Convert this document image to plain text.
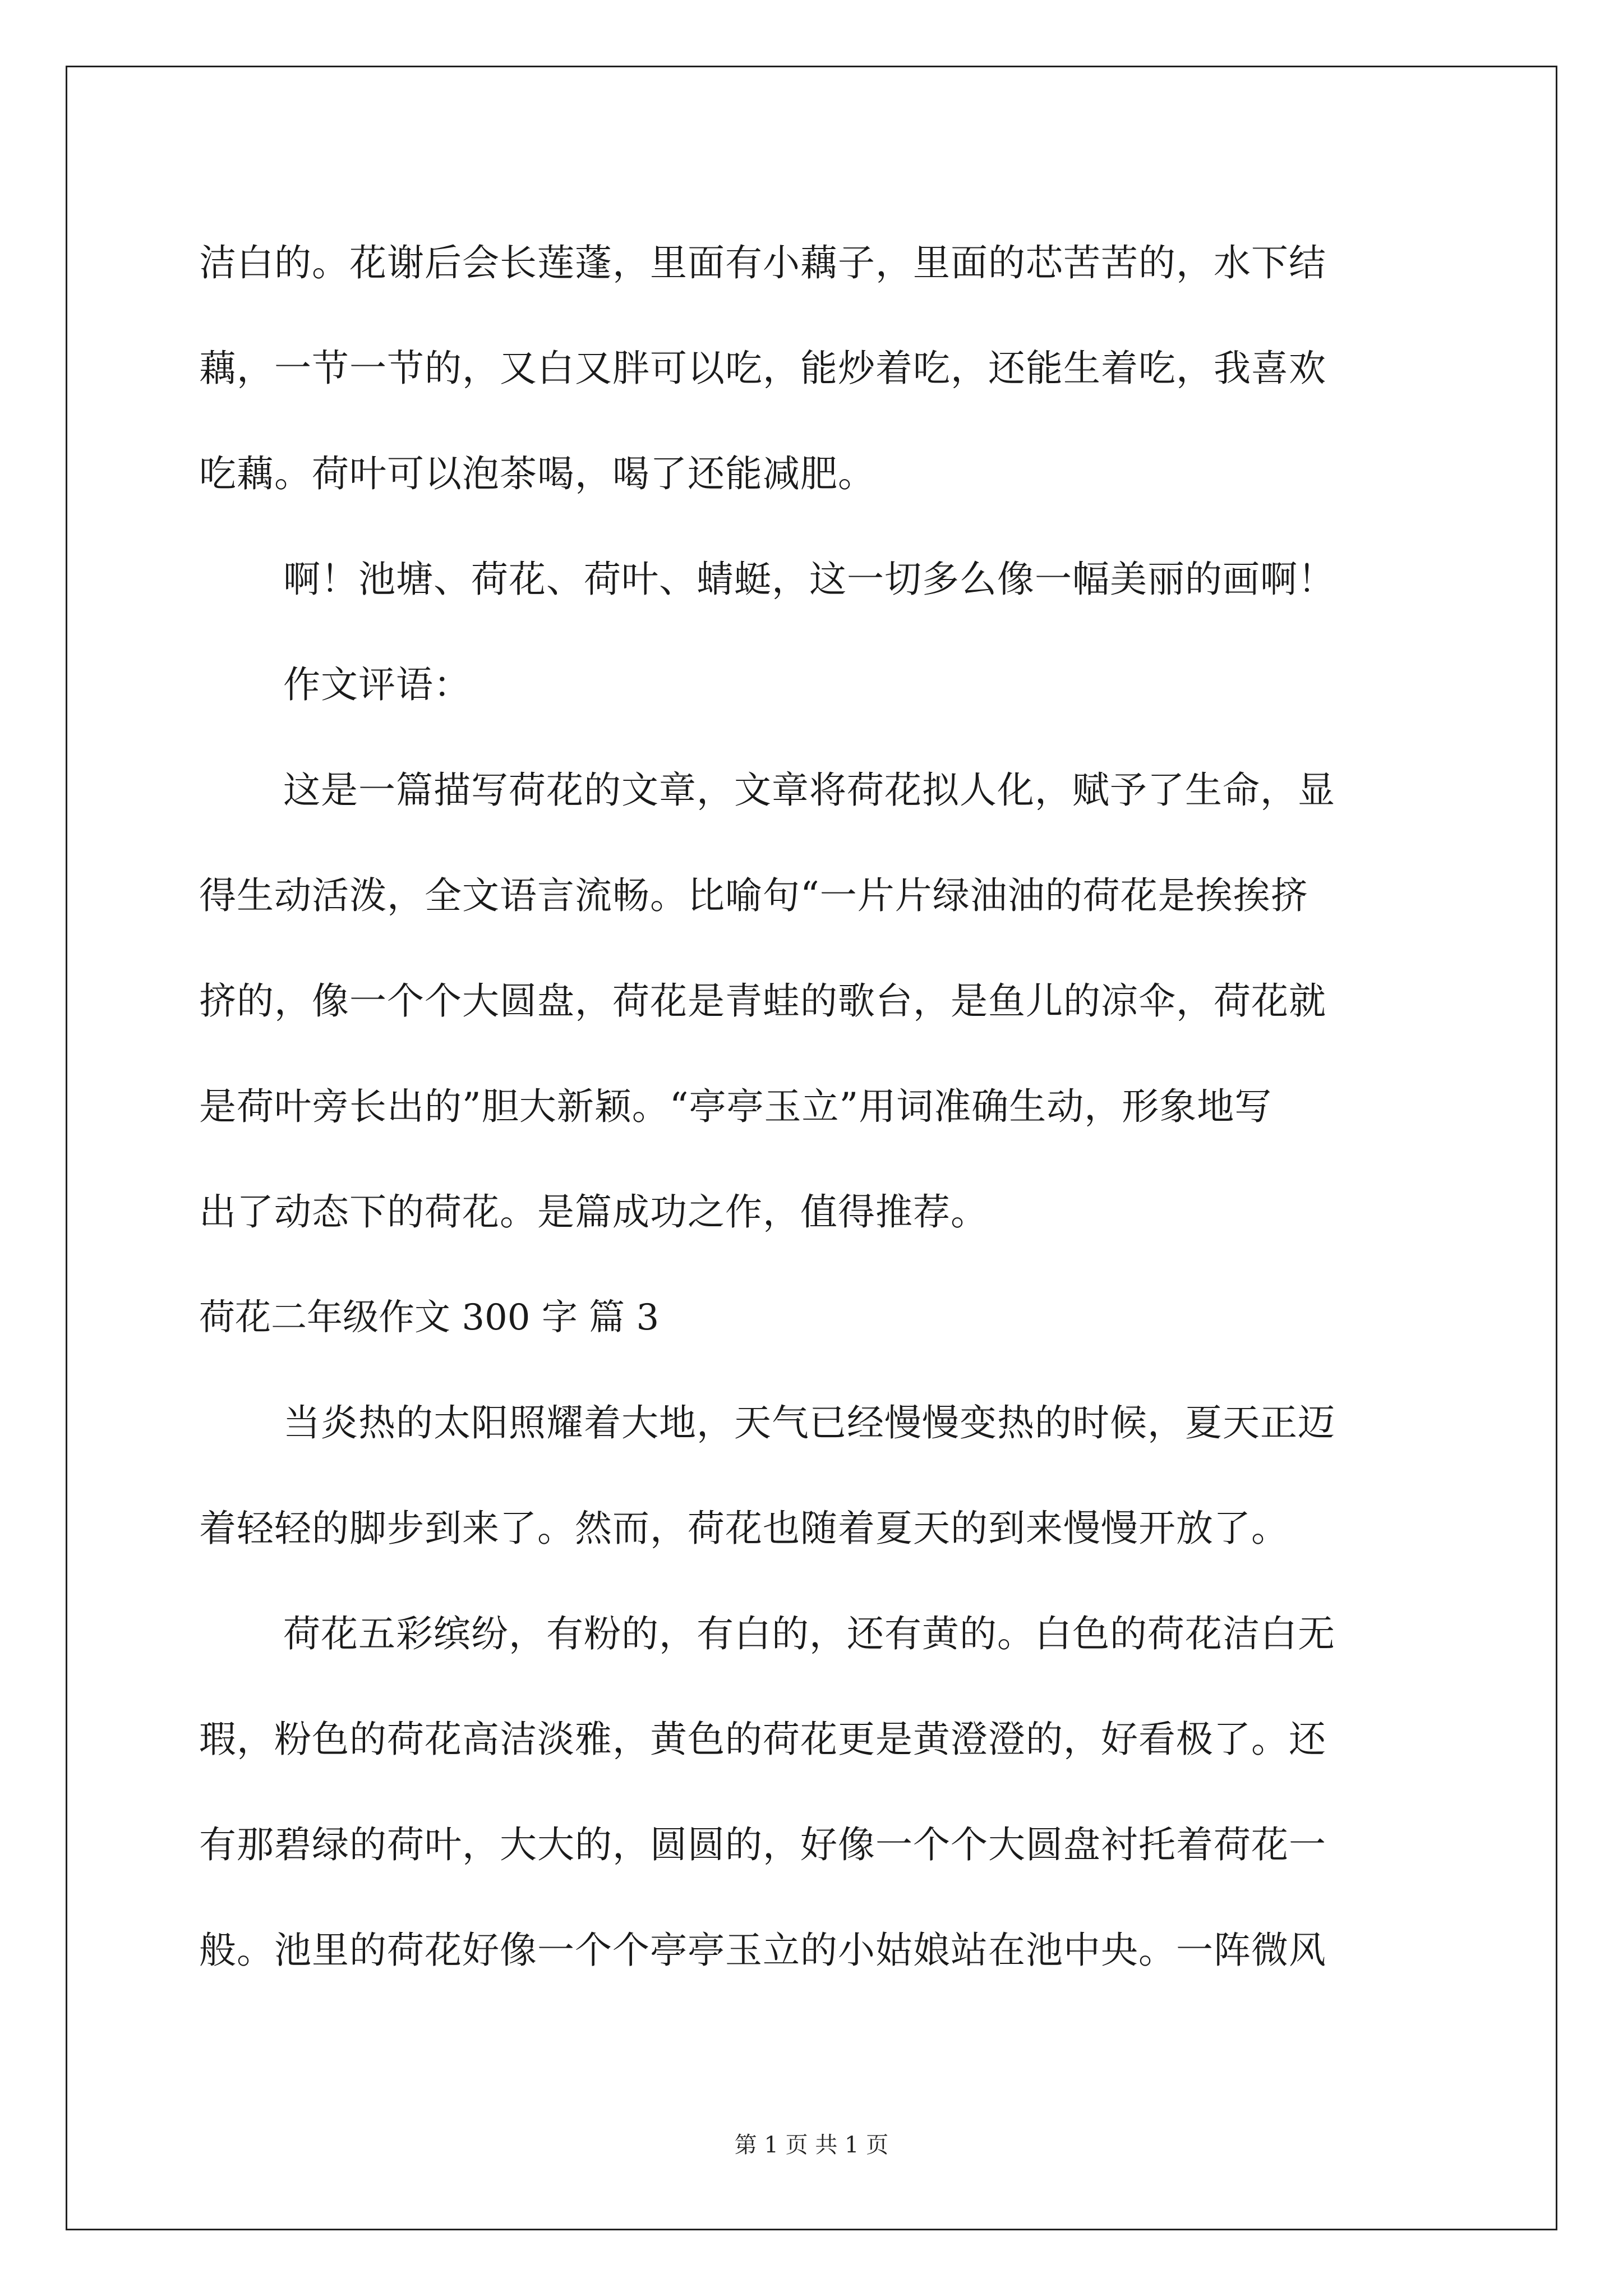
洁白的。花谢后会长莲蓬，里面有小藕子，里面的芯苦苦的，水下结
藕，一节一节的，又白又胖可以吃，能炒着吃，还能生着吃，我喜欢
吃藕。荷叶可以泡茶喝，喝了还能减肥。
啊！池塘、荷花、荷叶、蜻蜓，这一切多么像一幅美丽的画啊！
作文评语：
这是一篇描写荷花的文章，文章将荷花拟人化，赋予了生命，显
得生动活泼，全文语言流畅。比喻句“一片片绿油油的荷花是挨挨挤
挤的，像一个个大圆盘，荷花是青蛙的歌台，是鱼儿的凉伞，荷花就
是荷叶旁长出的”胆大新颖。“亭亭玉立”用词准确生动，形象地写
出了动态下的荷花。是篇成功之作，值得推荐。
荷花二年级作文 300 字 篇 3
当炎热的太阳照耀着大地，天气已经慢慢变热的时候，夏天正迈
着轻轻的脚步到来了。然而，荷花也随着夏天的到来慢慢开放了。
荷花五彩缤纷，有粉的，有白的，还有黄的。白色的荷花洁白无
瑕，粉色的荷花高洁淡雅，黄色的荷花更是黄澄澄的，好看极了。还
有那碧绿的荷叶，大大的，圆圆的，好像一个个大圆盘衬托着荷花一
般。池里的荷花好像一个个亭亭玉立的小姑娘站在池中央。一阵微风
第 1 页 共 1 页
